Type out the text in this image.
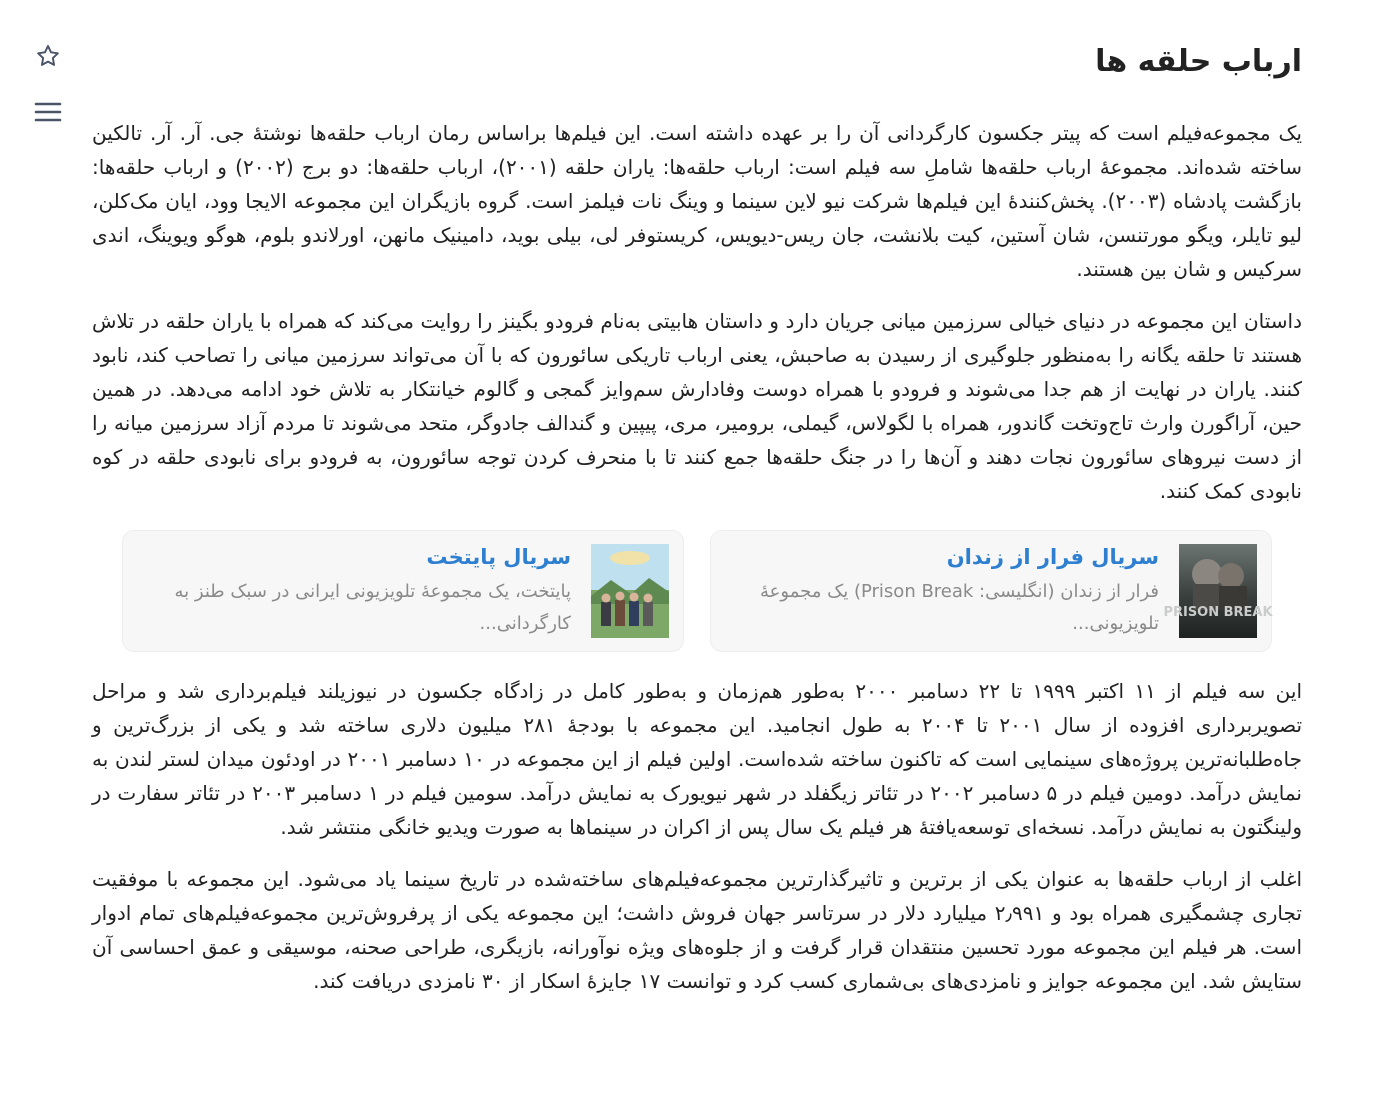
ارباب حلقه ها

یک مجموعه‌فیلم است که پیتر جکسون کارگردانی آن را بر عهده داشته است. این فیلم‌ها براساس رمان ارباب حلقه‌ها نوشتهٔ جی. آر. آر. تالکین ساخته شده‌اند. مجموعهٔ ارباب حلقه‌ها شاملِ سه فیلم است: ارباب حلقه‌ها: یاران حلقه (۲۰۰۱)، ارباب حلقه‌ها: دو برج (۲۰۰۲) و ارباب حلقه‌ها: بازگشت پادشاه (۲۰۰۳). پخش‌کنندهٔ این فیلم‌ها شرکت نیو لاین سینما و وینگ نات فیلمز است. گروه بازیگران این مجموعه الایجا وود، ایان مک‌کلن، لیو تایلر، ویگو مورتنسن، شان آستین، کیت بلانشت، جان ریس-دیویس، کریستوفر لی، بیلی بوید، دامینیک مانهن، اورلاندو بلوم، هوگو ویوینگ، اندی سرکیس و شان بین هستند.

داستان این مجموعه در دنیای خیالی سرزمین میانی جریان دارد و داستان هابیتی به‌نام فرودو بگینز را روایت می‌کند که همراه با یاران حلقه در تلاش هستند تا حلقه یگانه را به‌منظور جلوگیری از رسیدن به صاحبش، یعنی ارباب تاریکی سائورون که با آن می‌تواند سرزمین میانی را تصاحب کند، نابود کنند. یاران در نهایت از هم جدا می‌شوند و فرودو با همراه دوست وفادارش سم‌وایز گمجی و گالوم خیانتکار به تلاش خود ادامه می‌دهد. در همین حین، آراگورن وارث تاج‌وتخت گاندور، همراه با لگولاس، گیملی، برومیر، مری، پیپین و گندالف جادوگر، متحد می‌شوند تا مردم آزاد سرزمین میانه را از دست نیروهای سائورون نجات دهند و آن‌ها را در جنگ حلقه‌ها جمع کنند تا با منحرف کردن توجه سائورون، به فرودو برای نابودی حلقه در کوه نابودی کمک کنند.

PRISON BREAK
سریال فرار از زندان
فرار از زندان (انگلیسی: Prison Break) یک مجموعهٔ تلویزیونی...
سریال پایتخت
پایتخت، یک مجموعهٔ تلویزیونی ایرانی در سبک طنز به کارگردانی...

این سه فیلم از ۱۱ اکتبر ۱۹۹۹ تا ۲۲ دسامبر ۲۰۰۰ به‌طور هم‌زمان و به‌طور کامل در زادگاه جکسون در نیوزیلند فیلم‌برداری شد و مراحل تصویربرداری افزوده از سال ۲۰۰۱ تا ۲۰۰۴ به طول انجامید. این مجموعه با بودجهٔ ۲۸۱ میلیون دلاری ساخته شد و یکی از بزرگ‌ترین و جاه‌طلبانه‌ترین پروژه‌های سینمایی است که تاکنون ساخته شده‌است. اولین فیلم از این مجموعه در ۱۰ دسامبر ۲۰۰۱ در اودئون میدان لستر لندن به نمایش درآمد. دومین فیلم در ۵ دسامبر ۲۰۰۲ در تئاتر زیگفلد در شهر نیویورک به نمایش درآمد. سومین فیلم در ۱ دسامبر ۲۰۰۳ در تئاتر سفارت در ولینگتون به نمایش درآمد. نسخه‌ای توسعه‌یافتهٔ هر فیلم یک سال پس از اکران در سینماها به صورت ویدیو خانگی منتشر شد.

اغلب از ارباب حلقه‌ها به عنوان یکی از برترین و تاثیرگذارترین مجموعه‌فیلم‌های ساخته‌شده در تاریخ سینما یاد می‌شود. این مجموعه با موفقیت تجاری چشمگیری همراه بود و ۲٫۹۹۱ میلیارد دلار در سرتاسر جهان فروش داشت؛ این مجموعه یکی از پرفروش‌ترین مجموعه‌فیلم‌های تمام ادوار است. هر فیلم این مجموعه مورد تحسین منتقدان قرار گرفت و از جلوه‌های ویژه نوآورانه، بازیگری، طراحی صحنه، موسیقی و عمق احساسی آن ستایش شد. این مجموعه جوایز و نامزدی‌های بی‌شماری کسب کرد و توانست ۱۷ جایزهٔ اسکار از ۳۰ نامزدی دریافت کند.
